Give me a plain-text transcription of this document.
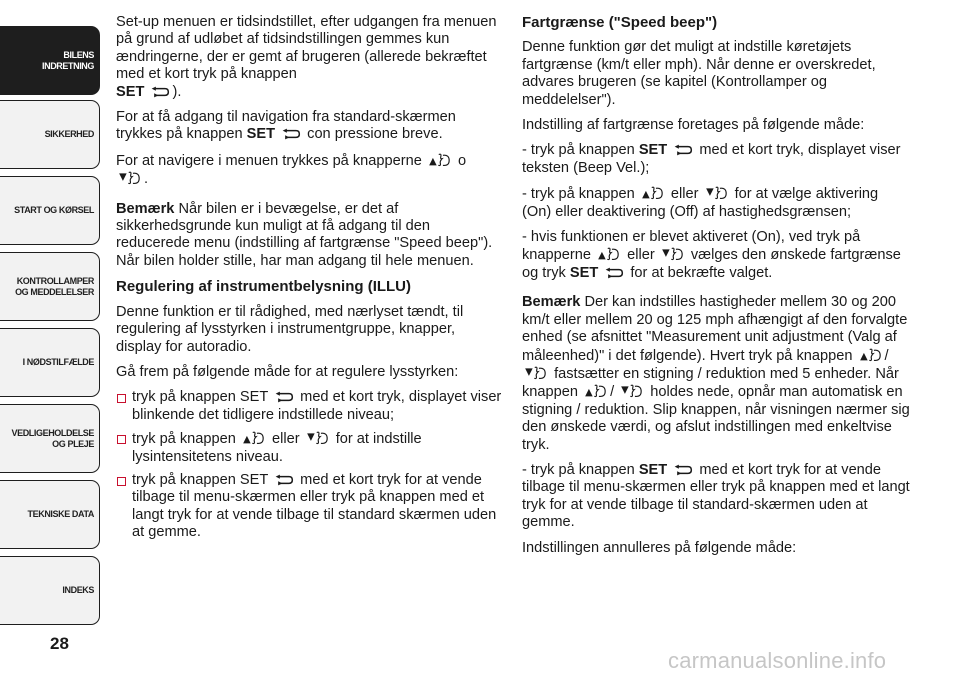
BILENS
INDRETNING
SIKKERHED
START OG KØRSEL
KONTROLLAMPER
OG MEDDELELSER
I NØDSTILFÆLDE
VEDLIGEHOLDELSE
OG PLEJE
TEKNISKE DATA
INDEKS
28

Set-up menuen er tidsindstillet, efter udgangen fra menuen på grund af udløbet af tidsindstillingen gemmes kun ændringerne, der er gemt af brugeren (allerede bekræftet med et kort tryk på knappen
SET ).

For at få adgang til navigation fra standard-skærmen trykkes på knappen SET con pressione breve.

For at navigere i menuen trykkes på knapperne o
.

Bemærk Når bilen er i bevægelse, er det af sikkerhedsgrunde kun muligt at få adgang til den reducerede menu (indstilling af fartgrænse "Speed beep"). Når bilen holder stille, har man adgang til hele menuen.

Regulering af instrumentbelysning (ILLU)

Denne funktion er til rådighed, med nærlyset tændt, til regulering af lysstyrken i instrumentgruppe, knapper, display for autoradio.

Gå frem på følgende måde for at regulere lysstyrken:

tryk på knappen SET med et kort tryk, displayet viser blinkende det tidligere indstillede niveau;
tryk på knappen eller for at indstille lysintensitetens niveau.
tryk på knappen SET med et kort tryk for at vende tilbage til menu-skærmen eller tryk på knappen med et langt tryk for at vende tilbage til standard skærmen uden at gemme.
Fartgrænse ("Speed beep")

Denne funktion gør det muligt at indstille køretøjets fartgrænse (km/t eller mph). Når denne er overskredet, advares brugeren (se kapitel (Kontrollamper og meddelelser").

Indstilling af fartgrænse foretages på følgende måde:

- tryk på knappen SET med et kort tryk, displayet viser teksten (Beep Vel.);

- tryk på knappen eller for at vælge aktivering (On) eller deaktivering (Off) af hastighedsgrænsen;

- hvis funktionen er blevet aktiveret (On), ved tryk på knapperne eller vælges den ønskede fartgrænse og tryk SET for at bekræfte valget.

Bemærk Der kan indstilles hastigheder mellem 30 og 200 km/t eller mellem 20 og 125 mph afhængigt af den forvalgte enhed (se afsnittet "Measurement unit adjustment (Valg af måleenhed)" i det følgende). Hvert tryk på knappen /  fastsætter en stigning / reduktion med 5 enheder. Når knappen / holdes nede, opnår man automatisk en stigning / reduktion. Slip knappen, når visningen nærmer sig den ønskede værdi, og afslut indstillingen med enkeltvise tryk.

- tryk på knappen SET med et kort tryk for at vende tilbage til menu-skærmen eller tryk på knappen med et langt tryk for at vende tilbage til standard-skærmen uden at gemme.

Indstillingen annulleres på følgende måde:

carmanualsonline.info
